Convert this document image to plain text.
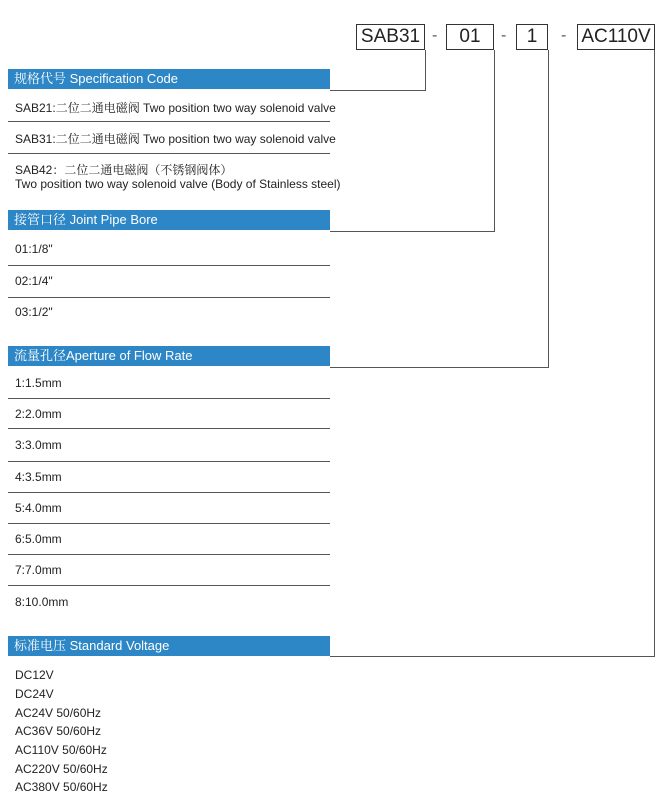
SAB31 -	01	-	1	- AC110V
规格代号 Specification Code
SAB21:二位二通电磁阀 Two position two way solenoid valve
SAB31:二位二通电磁阀 Two position two way solenoid valve
SAB42：二位二通电磁阀（不锈钢阀体）
Two position two way solenoid valve (Body of Stainless steel)
接管口径 Joint Pipe Bore
01:1/8"
02:1/4"
03:1/2"
流量孔径Aperture of Flow Rate
1:1.5mm
2:2.0mm
3:3.0mm
4:3.5mm
5:4.0mm
6:5.0mm
7:7.0mm
8:10.0mm
标准电压 Standard Voltage
DC12V
DC24V
AC24V 50/60Hz
AC36V 50/60Hz
AC110V 50/60Hz
AC220V 50/60Hz
AC380V 50/60Hz
